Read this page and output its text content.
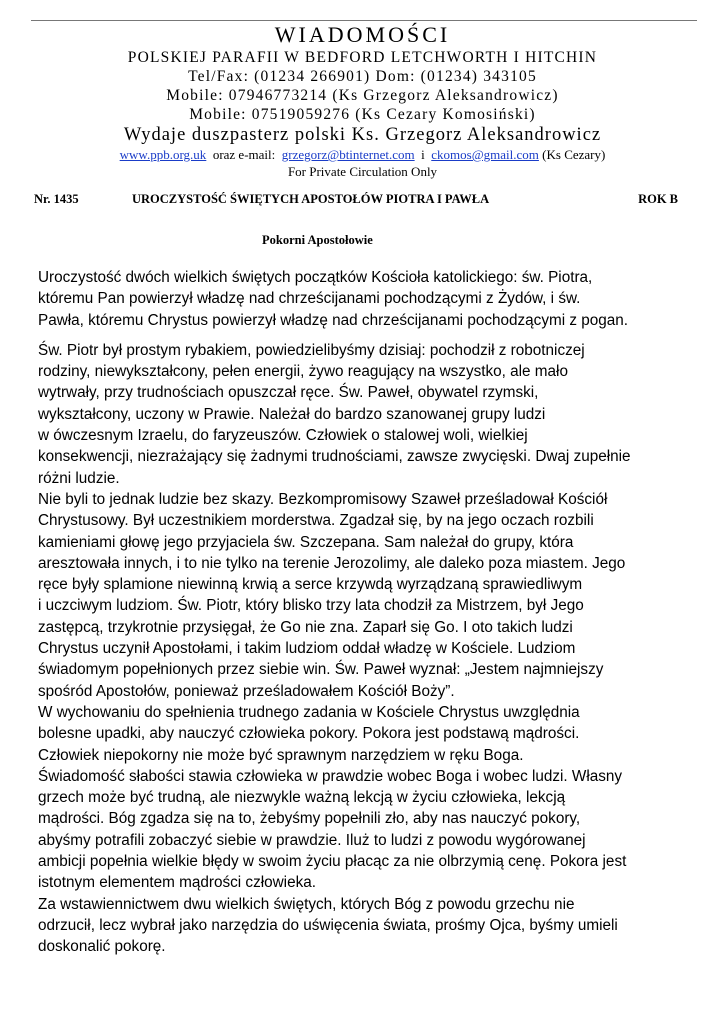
WIADOMOŚCI
POLSKIEJ PARAFII W BEDFORD LETCHWORTH I HITCHIN
Tel/Fax: (01234 266901) Dom: (01234) 343105
Mobile: 07946773214 (Ks Grzegorz Aleksandrowicz)
Mobile: 07519059276 (Ks Cezary Komosiński)
Wydaje duszpasterz polski Ks. Grzegorz Aleksandrowicz
www.ppb.org.uk oraz e-mail: grzegorz@btinternet.com i ckomos@gmail.com (Ks Cezary)
For Private Circulation Only
Nr. 1435	UROCZYSTOŚĆ ŚWIĘTYCH APOSTOŁÓW PIOTRA I PAWŁA	ROK B
Pokorni Apostołowie

Uroczystość dwóch wielkich świętych początków Kościoła katolickiego: św. Piotra,
któremu Pan powierzył władzę nad chrześcijanami pochodzącymi z Żydów, i św.
Pawła, któremu Chrystus powierzył władzę nad chrześcijanami pochodzącymi z pogan.

Św. Piotr był prostym rybakiem, powiedzielibyśmy dzisiaj: pochodził z robotniczej
rodziny, niewykształcony, pełen energii, żywo reagujący na wszystko, ale mało
wytrwały, przy trudnościach opuszczał ręce. Św. Paweł, obywatel rzymski,
wykształcony, uczony w Prawie. Należał do bardzo szanowanej grupy ludzi
w ówczesnym Izraelu, do faryzeuszów. Człowiek o stalowej woli, wielkiej
konsekwencji, niezrażający się żadnymi trudnościami, zawsze zwycięski. Dwaj zupełnie
różni ludzie.
Nie byli to jednak ludzie bez skazy. Bezkompromisowy Szaweł prześladował Kościół
Chrystusowy. Był uczestnikiem morderstwa. Zgadzał się, by na jego oczach rozbili
kamieniami głowę jego przyjaciela św. Szczepana. Sam należał do grupy, która
aresztowała innych, i to nie tylko na terenie Jerozolimy, ale daleko poza miastem. Jego
ręce były splamione niewinną krwią a serce krzywdą wyrządzaną sprawiedliwym
i uczciwym ludziom. Św. Piotr, który blisko trzy lata chodził za Mistrzem, był Jego
zastępcą, trzykrotnie przysięgał, że Go nie zna. Zaparł się Go. I oto takich ludzi
Chrystus uczynił Apostołami, i takim ludziom oddał władzę w Kościele. Ludziom
świadomym popełnionych przez siebie win. Św. Paweł wyznał: „Jestem najmniejszy
spośród Apostołów, ponieważ prześladowałem Kościół Boży”.
W wychowaniu do spełnienia trudnego zadania w Kościele Chrystus uwzględnia
bolesne upadki, aby nauczyć człowieka pokory. Pokora jest podstawą mądrości.
Człowiek niepokorny nie może być sprawnym narzędziem w ręku Boga.
Świadomość słabości stawia człowieka w prawdzie wobec Boga i wobec ludzi. Własny
grzech może być trudną, ale niezwykle ważną lekcją w życiu człowieka, lekcją
mądrości. Bóg zgadza się na to, żebyśmy popełnili zło, aby nas nauczyć pokory,
abyśmy potrafili zobaczyć siebie w prawdzie. Iluż to ludzi z powodu wygórowanej
ambicji popełnia wielkie błędy w swoim życiu płacąc za nie olbrzymią cenę. Pokora jest
istotnym elementem mądrości człowieka.
Za wstawiennictwem dwu wielkich świętych, których Bóg z powodu grzechu nie
odrzucił, lecz wybrał jako narzędzia do uświęcenia świata, prośmy Ojca, byśmy umieli
doskonalić pokorę.
